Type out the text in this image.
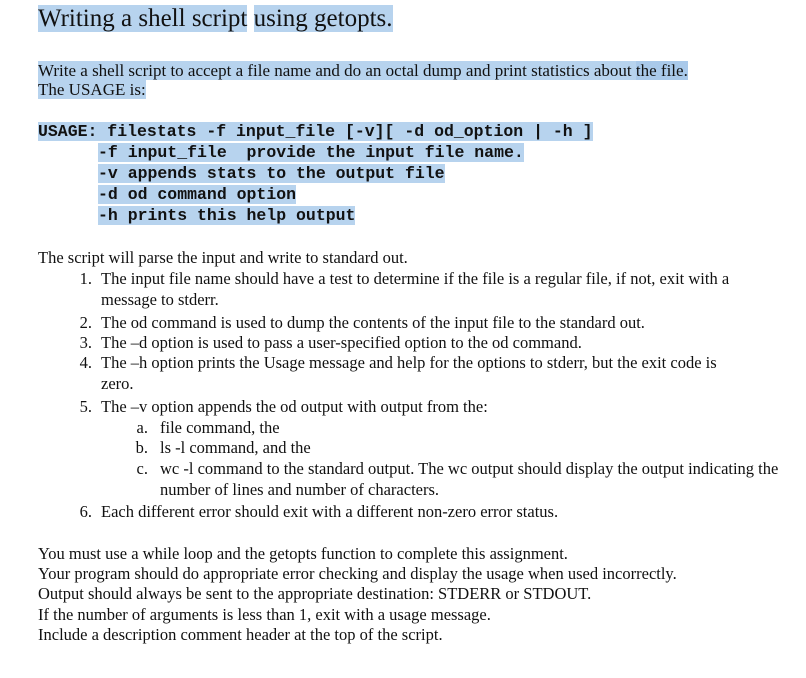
Writing a shell script using getopts.
Write a shell script to accept a file name and do an octal dump and print statistics about the file.
The USAGE is:
USAGE: filestats -f input_file [-v][ -d od_option | -h ]
-f input_file  provide the input file name.
-v appends stats to the output file
-d od command option
-h prints this help output
The script will parse the input and write to standard out.
1. The input file name should have a test to determine if the file is a regular file, if not, exit with a message to stderr.
2. The od command is used to dump the contents of the input file to the standard out.
3. The –d option is used to pass a user-specified option to the od command.
4. The –h option prints the Usage message and help for the options to stderr, but the exit code is zero.
5. The –v option appends the od output with output from the:
a. file command, the
b. ls -l command, and the
c. wc -l command to the standard output. The wc output should display the output indicating the number of lines and number of characters.
6. Each different error should exit with a different non-zero error status.
You must use a while loop and the getopts function to complete this assignment.
Your program should do appropriate error checking and display the usage when used incorrectly.
Output should always be sent to the appropriate destination: STDERR or STDOUT.
If the number of arguments is less than 1, exit with a usage message.
Include a description comment header at the top of the script.
